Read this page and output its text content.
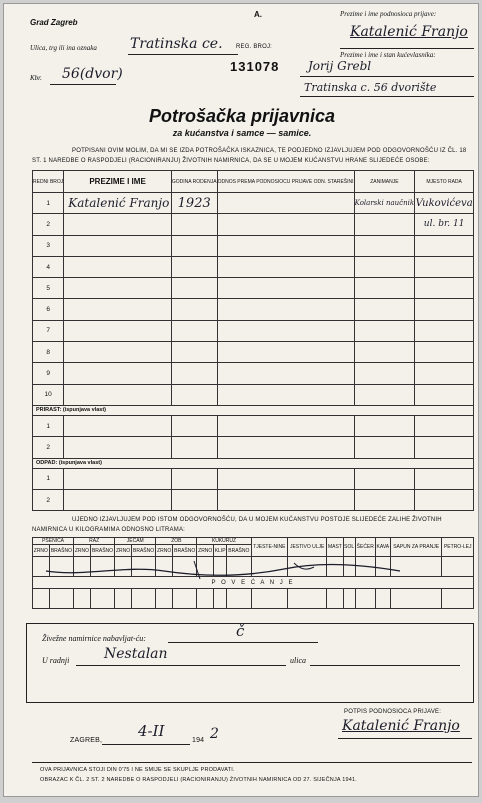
Grad Zagreb
Ulica, trg ili ina oznaka Tratinska ce.
Kbr. 56(dvor)
A.
REG. BROJ:
131078
Prezime i ime podnosioca prijave:
Katalenić Franjo
Prezime i ime i stan kućevlasnika:
Jorij Grebl
Tratinska c. 56 dvorište
Potrošačka prijavnica
za kućanstva i samce — samice.
POTPISANI OVIM MOLIM, DA MI SE IZDA POTROŠAČKA ISKAZNICA, TE PODJEDNO IZJAVLJUJEM POD ODGOVORNOŠĆU IZ ČL. 18 ST. 1 NAREDBE O RASPODJELI (RACIONIRANJU) ŽIVOTNIH NAMIRNICA, DA SE U MOJEM KUĆANSTVU HRANE SLIJEDEĆE OSOBE:
REDNI BROJ	PREZIME I IME	GODINA RODENJA	ODNOS PREMA PODNOSIOCU PRIJAVE ODN. STAREŠINI	ZANIMANJE	MJESTO RADA
1	Katalenić Franjo	1923		Kolarski naučnik	Vukovićeva
2					ul. br. 11
3					
4					
5					
6					
7					
8					
9					
10					
PRIRAST: (ispunjava vlast)					
1					
2					
ODPAD: (ispunjava vlast)					
1					
2					
UJEDNO IZJAVLJUJEM POD ISTOM ODGOVORNOŠĆU, DA U MOJEM KUĆANSTVU POSTOJE SLIJEDEĆE ZALIHE ŽIVOTNIH NAMIRNICA U KILOGRAMIMA ODNOSNO LITRAMA:
PŠENICA		RAŽ		JEČAM		ZOB		KUKURUZ			TJESTE-NINE	JESTIVO ULJE	MAST	SOL	ŠEĆER	KAVA	SAPUN ZA PRANJE	PETRO-LEJ
ZRNO	BRAŠNO	ZRNO	BRAŠNO	ZRNO	BRAŠNO	ZRNO	BRAŠNO	ZRNO	KLIP	BRAŠNO								

P O V E Ć A N J E																		

Živežne namirnice nabavljat-ću:	č
U radnji Nestalan	ulica
ZAGREB,
4-II
194 2
POTPIS PODNOSIOCA PRIJAVE:
Katalenić Franjo
OVA PRIJAVNICA STOJI DIN 0'75 I NE SMIJE SE SKUPLJE PRODAVATI.
OBRAZAC K ČL. 2 ST. 2 NAREDBE O RASPODJELI (RACIONIRANJU) ŽIVOTNIH NAMIRNICA OD 27. SIJEČNJA 1941.
